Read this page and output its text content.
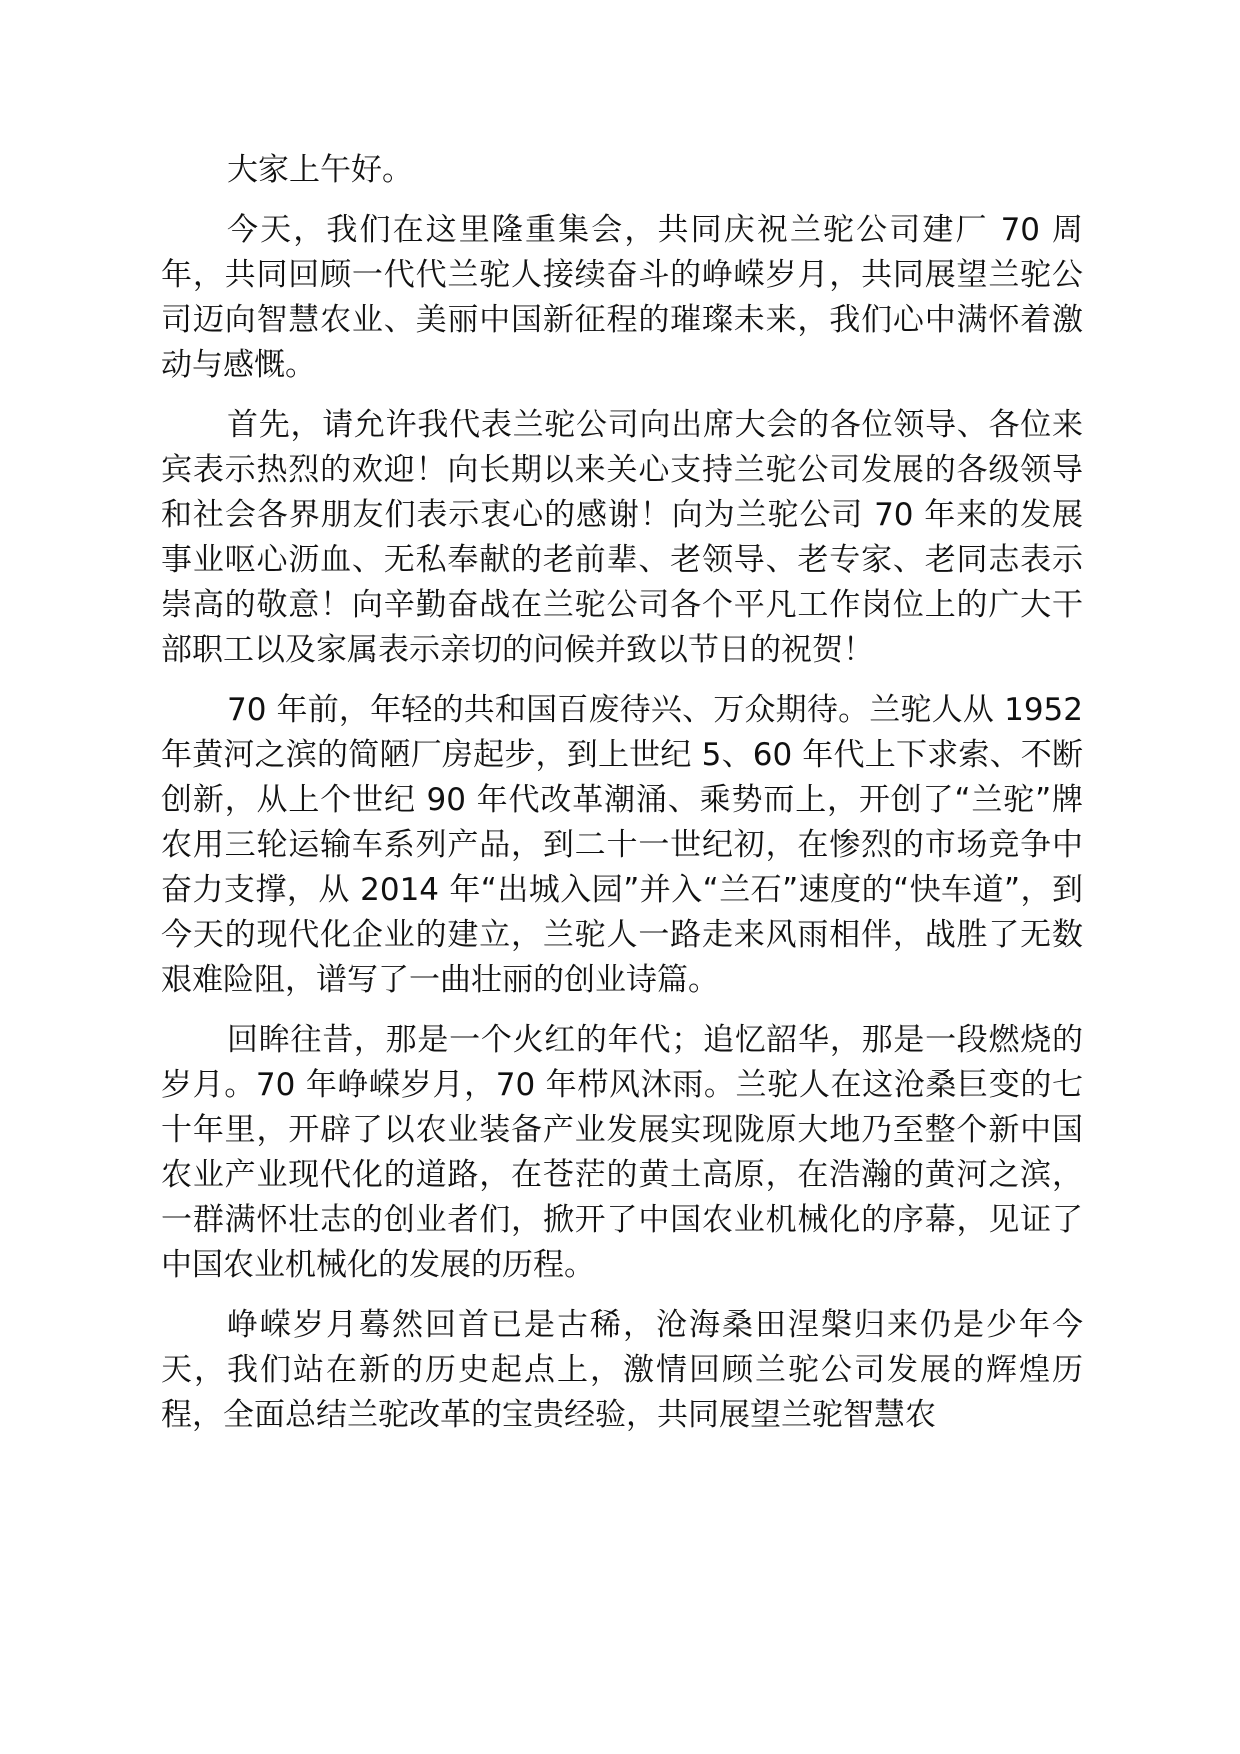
大家上午好。

今天，我们在这里隆重集会，共同庆祝兰驼公司建厂 70 周年，共同回顾一代代兰驼人接续奋斗的峥嵘岁月，共同展望兰驼公司迈向智慧农业、美丽中国新征程的璀璨未来，我们心中满怀着激动与感慨。

首先，请允许我代表兰驼公司向出席大会的各位领导、各位来宾表示热烈的欢迎！向长期以来关心支持兰驼公司发展的各级领导和社会各界朋友们表示衷心的感谢！向为兰驼公司 70 年来的发展事业呕心沥血、无私奉献的老前辈、老领导、老专家、老同志表示崇高的敬意！向辛勤奋战在兰驼公司各个平凡工作岗位上的广大干部职工以及家属表示亲切的问候并致以节日的祝贺！

70 年前，年轻的共和国百废待兴、万众期待。兰驼人从 1952 年黄河之滨的简陋厂房起步，到上世纪 5、60 年代上下求索、不断创新，从上个世纪 90 年代改革潮涌、乘势而上，开创了“兰驼”牌农用三轮运输车系列产品，到二十一世纪初，在惨烈的市场竞争中奋力支撑，从 2014 年“出城入园”并入“兰石”速度的“快车道”，到今天的现代化企业的建立，兰驼人一路走来风雨相伴，战胜了无数艰难险阻，谱写了一曲壮丽的创业诗篇。

回眸往昔，那是一个火红的年代；追忆韶华，那是一段燃烧的岁月。70 年峥嵘岁月，70 年栉风沐雨。兰驼人在这沧桑巨变的七十年里，开辟了以农业装备产业发展实现陇原大地乃至整个新中国农业产业现代化的道路，在苍茫的黄土高原，在浩瀚的黄河之滨，一群满怀壮志的创业者们，掀开了中国农业机械化的序幕，见证了中国农业机械化的发展的历程。

峥嵘岁月蓦然回首已是古稀，沧海桑田涅槃归来仍是少年今天，我们站在新的历史起点上，激情回顾兰驼公司发展的辉煌历程，全面总结兰驼改革的宝贵经验，共同展望兰驼智慧农
